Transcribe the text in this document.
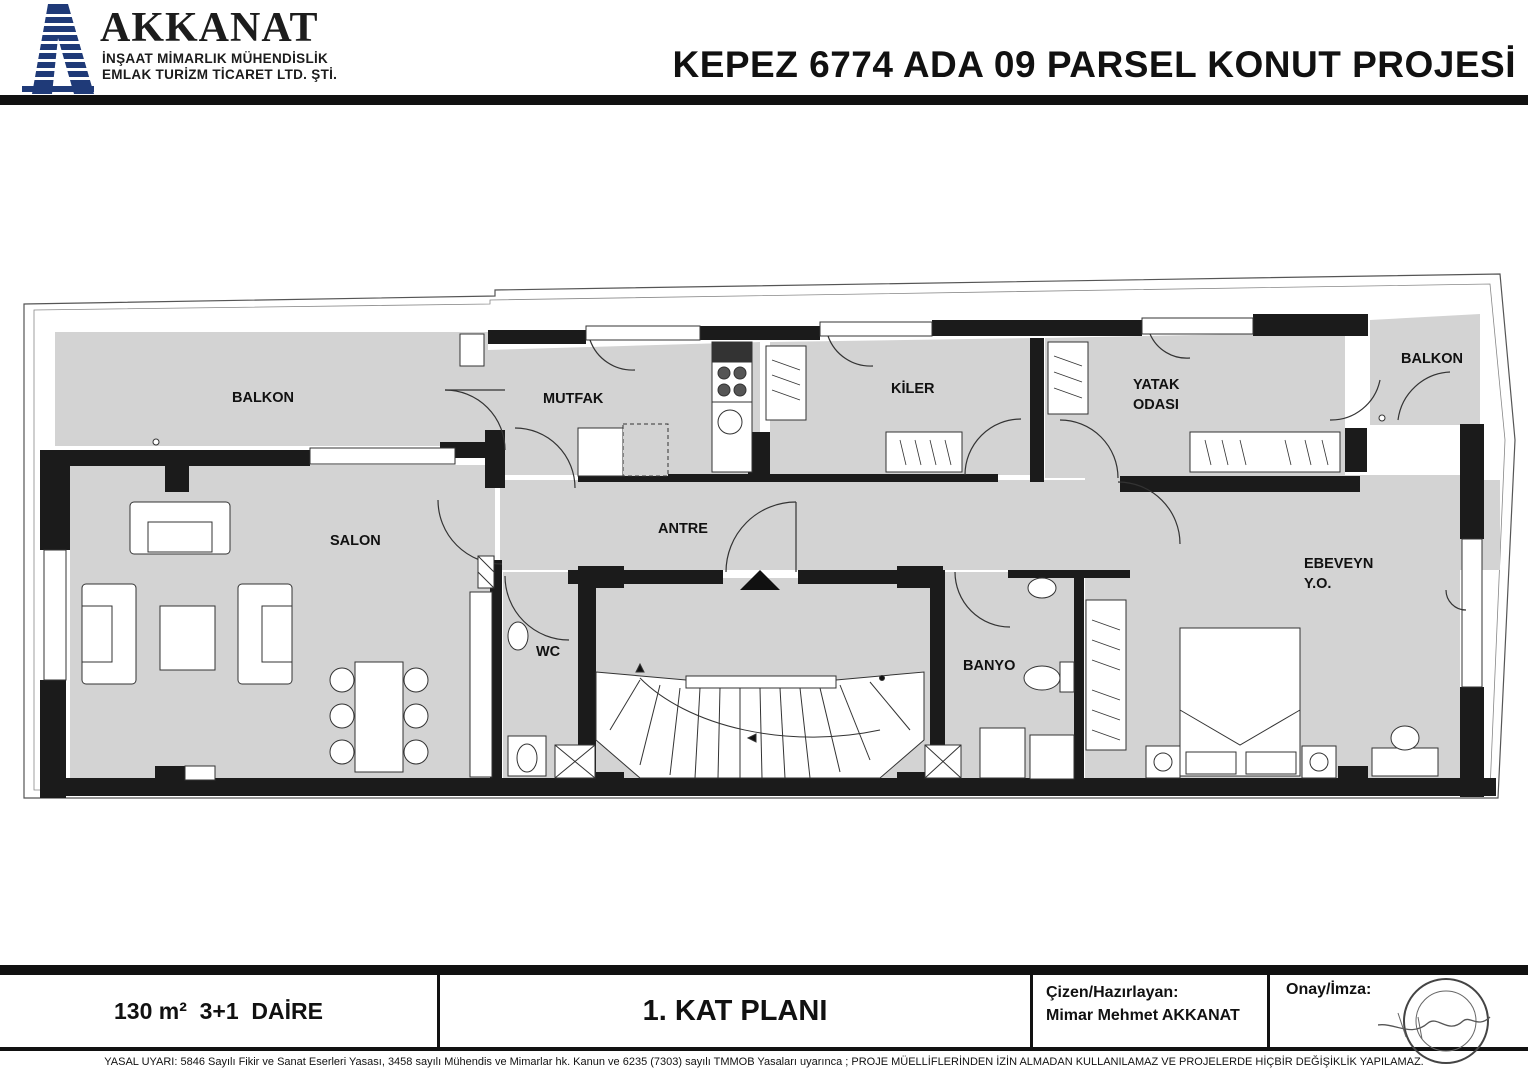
AKKANAT
İNŞAAT MİMARLIK MÜHENDİSLİK
EMLAK TURİZM TİCARET LTD. ŞTİ.	KEPEZ 6774 ADA 09 PARSEL KONUT PROJESİ
BALKON	MUTFAK
KİLER	YATAK
ODASI
BALKON
SALON
ANTRE
EBEVEYN
Y.O.
WC
BANYO
130 m²  3+1  DAİRE	1. KAT PLANI
Çizen/Hazırlayan:
Mimar Mehmet AKKANAT
Onay/İmza:
YASAL UYARI: 5846 Sayılı Fikir ve Sanat Eserleri Yasası, 3458 sayılı Mühendis ve Mimarlar hk. Kanun ve 6235 (7303) sayılı TMMOB Yasaları uyarınca ; PROJE MÜELLİFLERİNDEN İZİN ALMADAN KULLANILAMAZ VE PROJELERDE HİÇBİR DEĞİŞİKLİK YAPILAMAZ.
